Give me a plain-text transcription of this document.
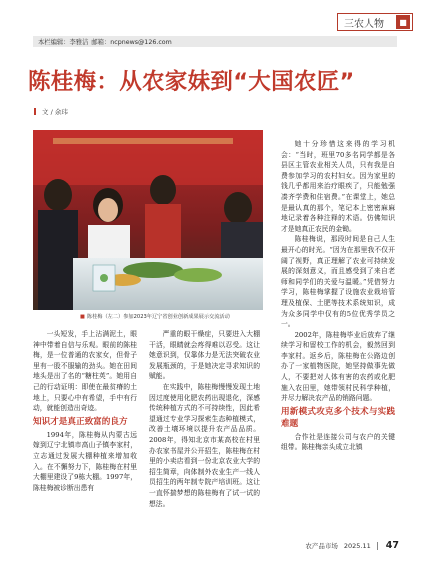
三农人物	■
本栏编辑：李雅洁 邮箱：ncpnews@126.com
陈桂梅：从农家妹到“大国农匠”
文 / 余玮
■ 陈桂梅（左二）参加2023年辽宁省创业创新成果展示交流活动

一头短发，手上沾满泥土，眼神中带着自信与乐观。眼前的陈桂梅，是一位普通的农家女，但骨子里有一股不服输的劲头。她在田间地头是出了名的“糖柱英”。她用自己的行动证明：即使在最贫瘠的土地上，只要心中有希望，手中有行动，就能创造出奇迹。

知识才是真正致富的良方

1994年，陈桂梅从内蒙古远嫁到辽宁北镇市高山子镇李家村，立志通过发展大棚种植来增加收入。在不懈努力下，陈桂梅在村里大棚里建设了9栋大棚。1997年，陈桂梅被诊断出患有

严重的眼干燥症，只要进入大棚干活，眼睛就会疼得难以忍受。这让她意识到，仅靠体力是无法突破农业发展瓶颈的，于是她决定寻求知识的赋能。

在实践中，陈桂梅慢慢发现土地因过度使用化肥农药出现退化，深感传统种植方式的不可持续性，因此希望通过专业学习探索生态种植模式，改善土壤环境以提升农产品品质。2008年，得知北京市某高校在村里办农家书屋并公开招生，陈桂梅在村里的小卖店看到一份北京农业大学的招生简章，向体制外农业生产一线人员招生的两年制专院产培训班。这让一直怀揣梦想的陈桂梅有了试一试的想法。

她十分珍惜这来得的学习机会：“当时，班里70多名同学都是各县区主管农业相关人员，只有我是自费参加学习的农村妇女。因为家里的钱几乎都用来治疗眼疾了，只能勉强凑齐学费和住宿费。”在课堂上，她总是最认真的那个，笔记本上密密麻麻地记录着各种注释的术语。仿佛知识才是她真正农民的金锄。

陈桂梅说，那段时间是自己人生最开心的时光。“因为在那里我不仅开阔了视野，真正理解了农业可持续发展的深刻意义，而且感受到了来自老师和同学们的关爱与温暖。”凭借努力学习，陈桂梅掌握了设施农业栽培管理及植保、土肥等技术系统知识，成为众多同学中仅有的5位优秀学员之一。

2002年，陈桂梅毕业后放弃了继续学习和留校工作的机会，毅然回到李家村。返乡后，陈桂梅在公路边创办了一家植物医院，她坚持做事先做人，不要把对人体有害的农药或化肥施入农田里，她带领村民科学种植，并尽力解决农产品的销路问题。

用新模式攻克多个技术与实践难题

合作社是连接公司与农户的关键组带。陈桂梅亲头成立北镇

农产品市场 2025.11 47
